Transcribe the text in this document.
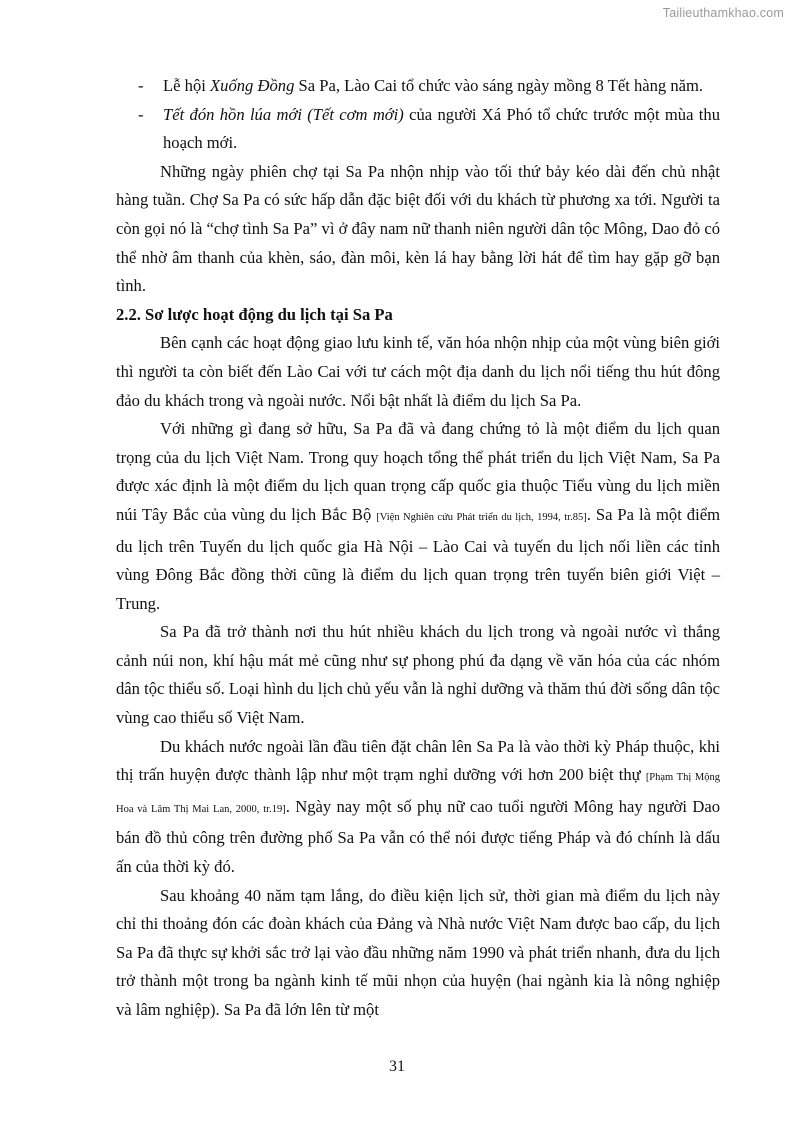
Tailieuthamkhao.com
-	Lễ hội Xuống Đồng Sa Pa, Lào Cai tổ chức vào sáng ngày mồng 8 Tết hàng năm.
-	Tết đón hồn lúa mới (Tết cơm mới) của người Xá Phó tổ chức trước một mùa thu hoạch mới.

Những ngày phiên chợ tại Sa Pa nhộn nhịp vào tối thứ bảy kéo dài đến chủ nhật hàng tuần. Chợ Sa Pa có sức hấp dẫn đặc biệt đối với du khách từ phương xa tới. Người ta còn gọi nó là “chợ tình Sa Pa” vì ở đây nam nữ thanh niên người dân tộc Mông, Dao đỏ có thể nhờ âm thanh của khèn, sáo, đàn môi, kèn lá hay bằng lời hát để tìm hay gặp gỡ bạn tình.

2.2. Sơ lược hoạt động du lịch tại Sa Pa

Bên cạnh các hoạt động giao lưu kinh tế, văn hóa nhộn nhịp của một vùng biên giới thì người ta còn biết đến Lào Cai với tư cách một địa danh du lịch nổi tiếng thu hút đông đảo du khách trong và ngoài nước. Nổi bật nhất là điểm du lịch Sa Pa.

Với những gì đang sở hữu, Sa Pa đã và đang chứng tỏ là một điểm du lịch quan trọng của du lịch Việt Nam. Trong quy hoạch tổng thể phát triển du lịch Việt Nam, Sa Pa được xác định là một điểm du lịch quan trọng cấp quốc gia thuộc Tiểu vùng du lịch miền núi Tây Bắc của vùng du lịch Bắc Bộ [Viện Nghiên cứu Phát triển du lịch, 1994, tr.85]. Sa Pa là một điểm du lịch trên Tuyến du lịch quốc gia Hà Nội – Lào Cai và tuyến du lịch nối liền các tỉnh vùng Đông Bắc đồng thời cũng là điểm du lịch quan trọng trên tuyến biên giới Việt – Trung.

Sa Pa đã trở thành nơi thu hút nhiều khách du lịch trong và ngoài nước vì thắng cảnh núi non, khí hậu mát mẻ cũng như sự phong phú đa dạng về văn hóa của các nhóm dân tộc thiểu số. Loại hình du lịch chủ yếu vẫn là nghỉ dưỡng và thăm thú đời sống dân tộc vùng cao thiểu số Việt Nam.

Du khách nước ngoài lần đầu tiên đặt chân lên Sa Pa là vào thời kỳ Pháp thuộc, khi thị trấn huyện được thành lập như một trạm nghỉ dưỡng với hơn 200 biệt thự [Phạm Thị Mộng Hoa và Lâm Thị Mai Lan, 2000, tr.19]. Ngày nay một số phụ nữ cao tuổi người Mông hay người Dao bán đồ thủ công trên đường phố Sa Pa vẫn có thể nói được tiếng Pháp và đó chính là dấu ấn của thời kỳ đó.

Sau khoảng 40 năm tạm lắng, do điều kiện lịch sử, thời gian mà điểm du lịch này chỉ thi thoảng đón các đoàn khách của Đảng và Nhà nước Việt Nam được bao cấp, du lịch Sa Pa đã thực sự khởi sắc trở lại vào đầu những năm 1990 và phát triển nhanh, đưa du lịch trở thành một trong ba ngành kinh tế mũi nhọn của huyện (hai ngành kia là nông nghiệp và lâm nghiệp). Sa Pa đã lớn lên từ một

31
